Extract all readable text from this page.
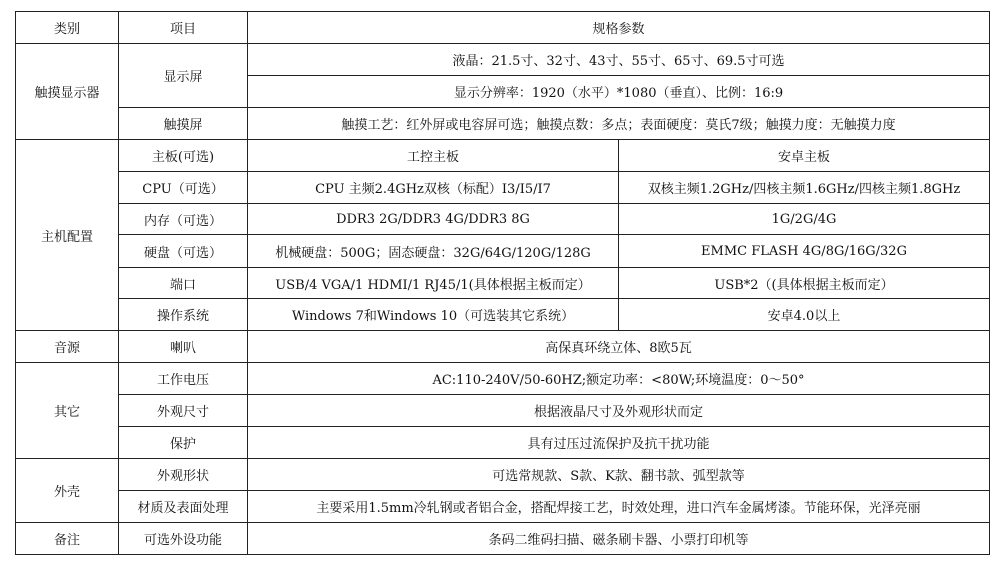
类别	项目	规格参数	
触摸显示器	显示屏	液晶：21.5寸、32寸、43寸、55寸、65寸、69.5寸可选	
		显示分辨率：1920（水平）*1080（垂直）、比例：16:9	
	触摸屏	触摸工艺：红外屏或电容屏可选；触摸点数：多点；表面硬度：莫氏7级；触摸力度：无触摸力度	
主机配置	主板(可选)	工控主板	安卓主板
	CPU（可选）	CPU 主频2.4GHz双核（标配）I3/I5/I7	双核主频1.2GHz/四核主频1.6GHz/四核主频1.8GHz
	内存（可选）	DDR3 2G/DDR3 4G/DDR3 8G	1G/2G/4G
	硬盘（可选）	机械硬盘：500G；固态硬盘：32G/64G/120G/128G	EMMC FLASH 4G/8G/16G/32G
	端口	USB/4 VGA/1 HDMI/1 RJ45/1(具体根据主板而定）	USB*2（(具体根据主板而定）
	操作系统	Windows 7和Windows 10（可选装其它系统）	安卓4.0以上
音源	喇叭	高保真环绕立体、8欧5瓦	
其它	工作电压	AC:110-240V/50-60HZ;额定功率：<80W;环境温度：0～50°	
	外观尺寸	根据液晶尺寸及外观形状而定	
	保护	具有过压过流保护及抗干扰功能	
外壳	外观形状	可选常规款、S款、K款、翻书款、弧型款等	
	材质及表面处理	主要采用1.5mm冷轧钢或者铝合金，搭配焊接工艺，时效处理，进口汽车金属烤漆。节能环保，光泽亮丽	
备注	可选外设功能	条码二维码扫描、磁条刷卡器、小票打印机等	
